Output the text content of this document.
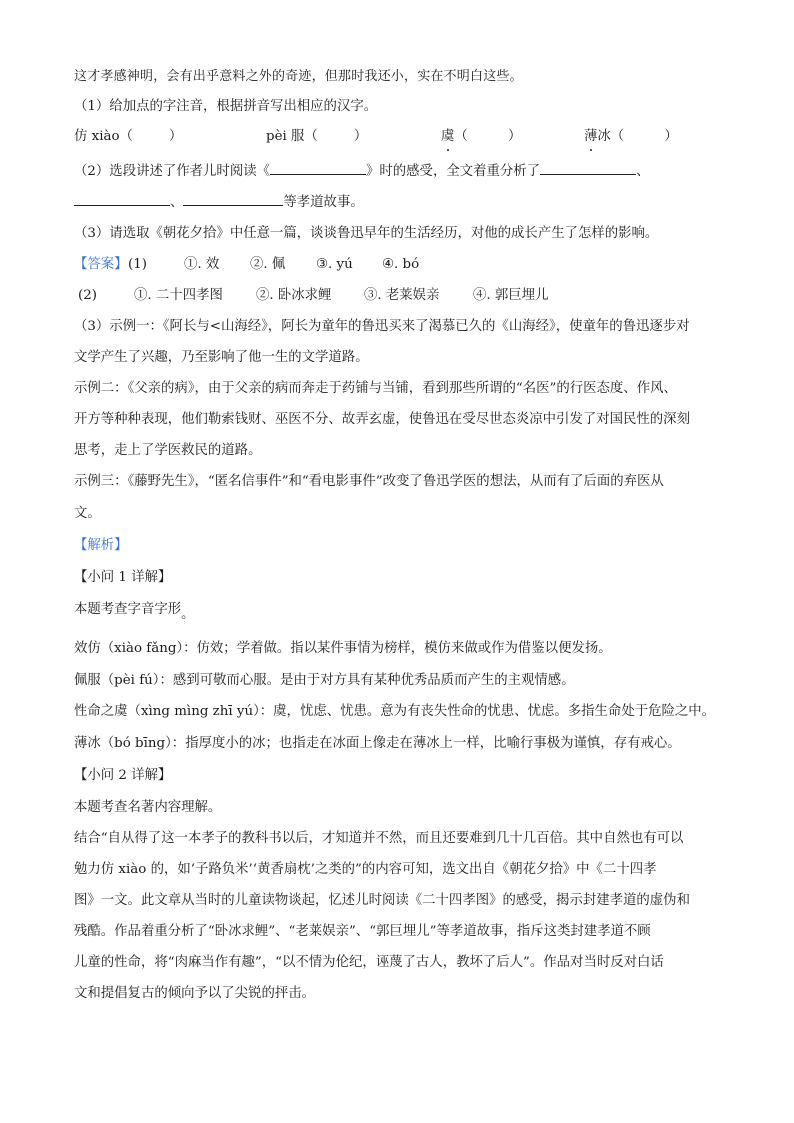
这才孝感神明，会有出乎意料之外的奇迹，但那时我还小，实在不明白这些。
（1）给加点的字注音，根据拼音写出相应的汉字。
仿 xiào（	）	pèi 服（	）	虞（　　　）	薄冰（　　　）
（2）选段讲述了作者儿时阅读《	》时的感受，全文着重分析了	、
、	等孝道故事。
（3）请选取《朝花夕拾》中任意一篇，谈谈鲁迅早年的生活经历，对他的成长产生了怎样的影响。
【答案】 (1)	①. 效 ②. 佩 ③. yú ④. bó
(2)	①. 二十四孝图 ②. 卧冰求鲤 ③. 老莱娱亲	④. 郭巨埋儿
（3）示例一：《阿长与<山海经》，阿长为童年的鲁迅买来了渴慕已久的《山海经》，使童年的鲁迅逐步对
文学产生了兴趣，乃至影响了他一生的文学道路。
示例二：《父亲的病》，由于父亲的病而奔走于药铺与当铺，看到那些所谓的“名医”的行医态度、作风、
开方等种种表现，他们勒索钱财、巫医不分、故弄玄虚，使鲁迅在受尽世态炎凉中引发了对国民性的深刻
思考，走上了学医救民的道路。
示例三：《藤野先生》，“匿名信事件”和“看电影事件”改变了鲁迅学医的想法，从而有了后面的弃医从
文。
【解析】
【小问 1 详解】
本题考查字音字形。
效仿（xiào fǎng）：仿效；学着做。指以某件事情为榜样，模仿来做或作为借鉴以便发扬。
佩服（pèi fú）：感到可敬而心服。是由于对方具有某种优秀品质而产生的主观情感。
性命之虞（xìng mìng zhī yú）：虞，忧虑、忧患。意为有丧失性命的忧患、忧虑。多指生命处于危险之中。
薄冰（bó bīng）：指厚度小的冰；也指走在冰面上像走在薄冰上一样，比喻行事极为谨慎，存有戒心。
【小问 2 详解】
本题考查名著内容理解。
结合“自从得了这一本孝子的教科书以后，才知道并不然，而且还要难到几十几百倍。其中自然也有可以
勉力仿 xiào 的，如‘子路负米’‘黄香扇枕’之类的”的内容可知，选文出自《朝花夕拾》中《二十四孝
图》一文。此文章从当时的儿童读物谈起，忆述儿时阅读《二十四孝图》的感受，揭示封建孝道的虚伪和
残酷。作品着重分析了“卧冰求鲤”、“老莱娱亲”、“郭巨埋儿”等孝道故事，指斥这类封建孝道不顾
儿童的性命，将“肉麻当作有趣”，“以不情为伦纪，诬蔑了古人，教坏了后人”。作品对当时反对白话
文和提倡复古的倾向予以了尖锐的抨击。
